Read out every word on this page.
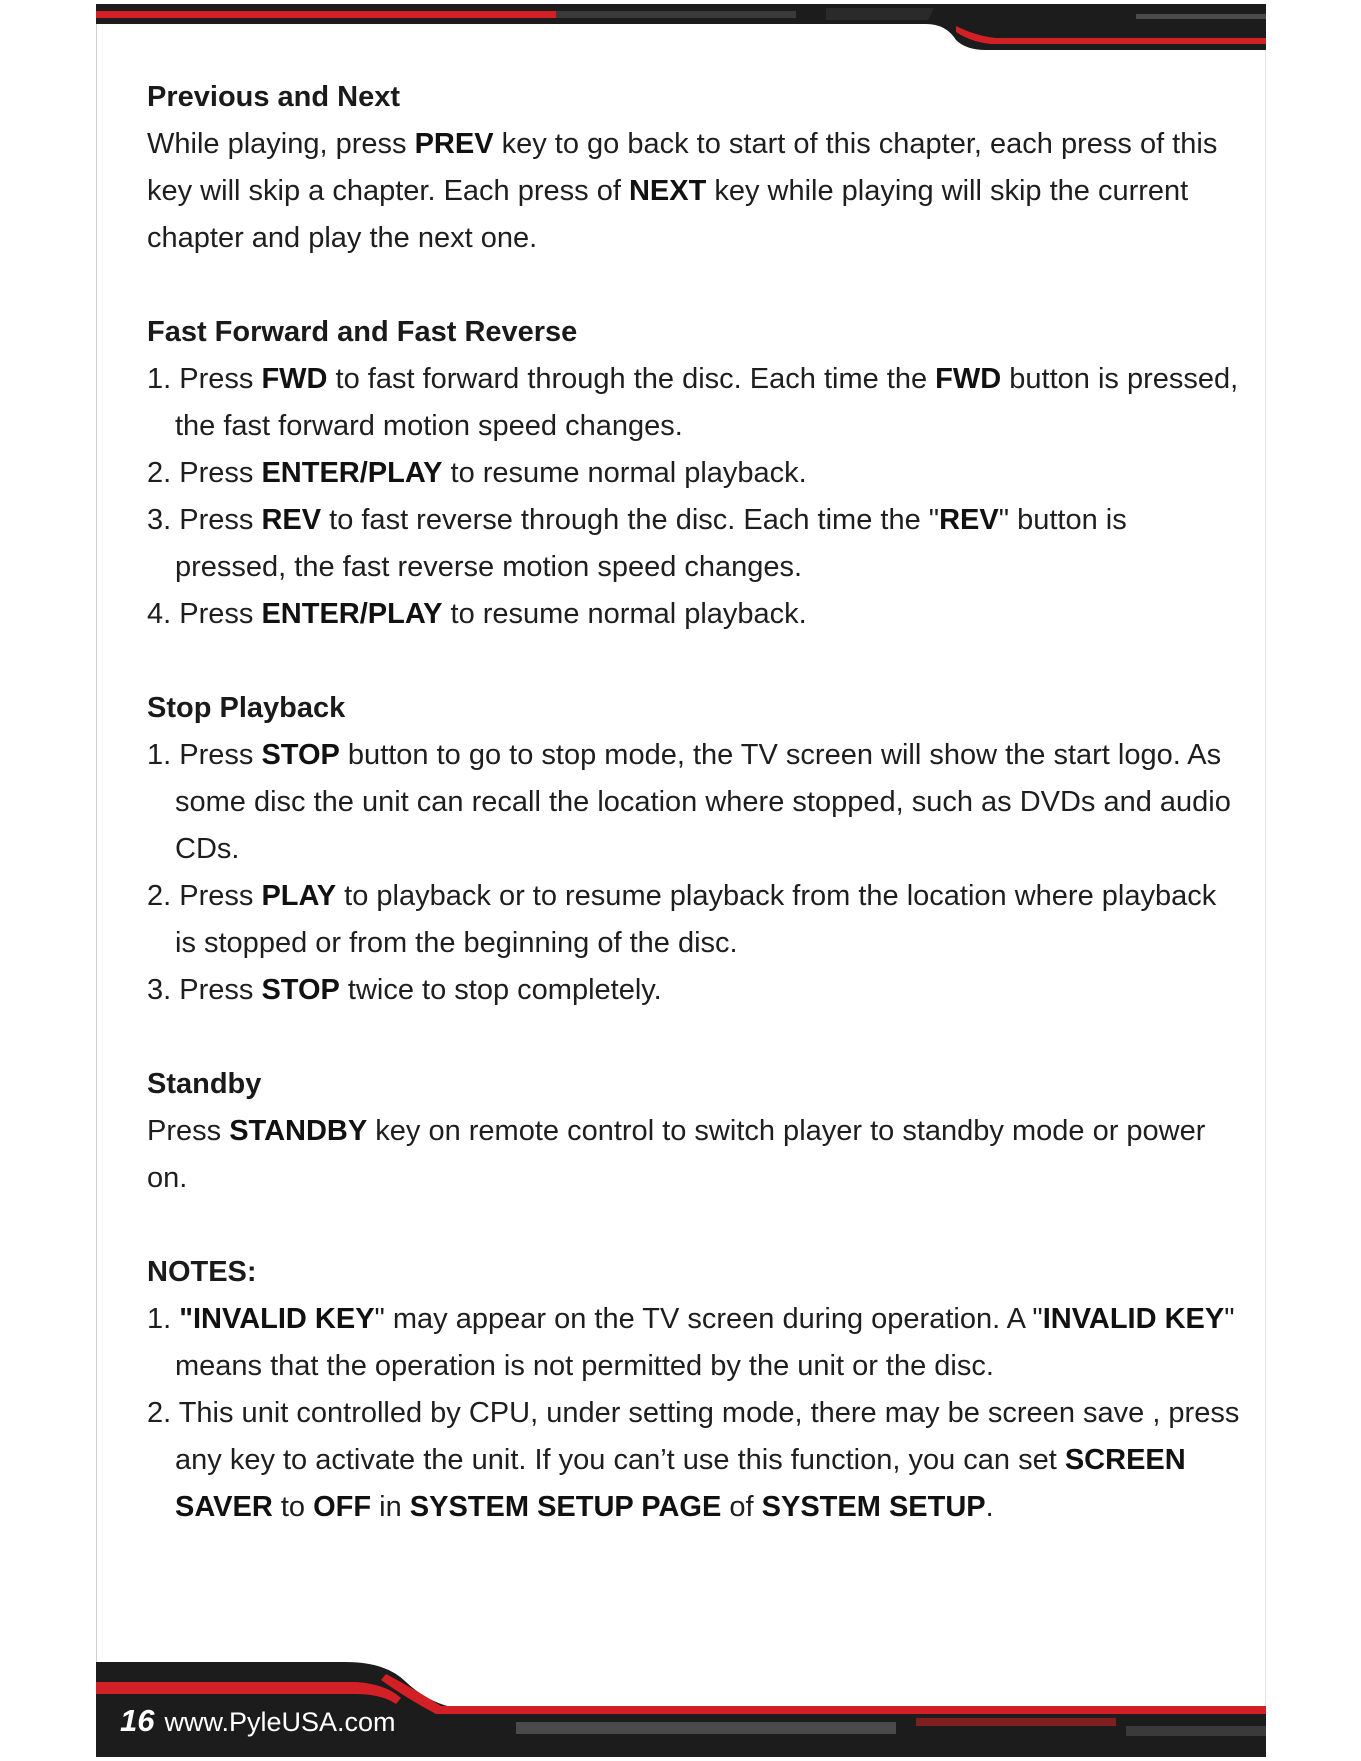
Previous and Next

While playing, press PREV key to go back to start of this chapter, each press of this key will skip a chapter. Each press of NEXT key while playing will skip the current chapter and play the next one.

Fast Forward and Fast Reverse

1. Press FWD to fast forward through the disc. Each time the FWD button is pressed, the fast forward motion speed changes.

2. Press ENTER/PLAY to resume normal playback.

3. Press REV to fast reverse through the disc. Each time the "REV" button is pressed, the fast reverse motion speed changes.

4. Press ENTER/PLAY to resume normal playback.

Stop Playback

1. Press STOP button to go to stop mode, the TV screen will show the start logo. As some disc the unit can recall the location where stopped, such as DVDs and audio CDs.

2. Press PLAY to playback or to resume playback from the location where playback is stopped or from the beginning of the disc.

3. Press STOP twice to stop completely.

Standby

Press STANDBY key on remote control to switch player to standby mode or power on.

NOTES:

1. "INVALID KEY" may appear on the TV screen during operation. A "INVALID KEY" means that the operation is not permitted by the unit or the disc.

2. This unit controlled by CPU, under setting mode, there may be screen save , press any key to activate the unit. If you can’t use this function, you can set SCREEN SAVER to OFF in SYSTEM SETUP PAGE of SYSTEM SETUP.

16 www.PyleUSA.com
